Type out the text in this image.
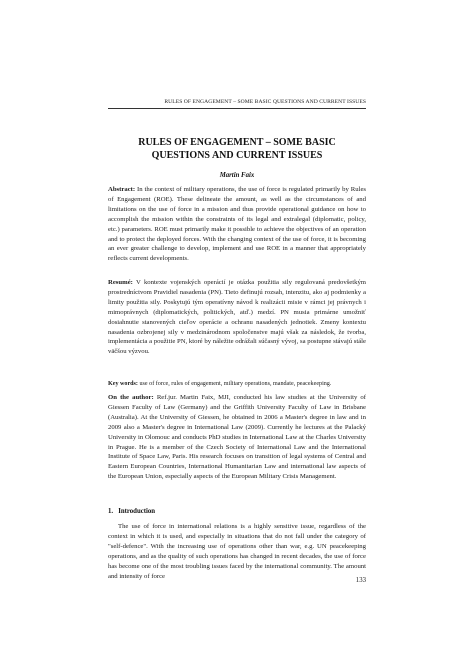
RULES OF ENGAGEMENT – SOME BASIC QUESTIONS AND CURRENT ISSUES
RULES OF ENGAGEMENT – SOME BASIC QUESTIONS AND CURRENT ISSUES
Martin Faix

Abstract: In the context of military operations, the use of force is regulated primarily by Rules of Engagement (ROE). These delineate the amount, as well as the circumstances of and limitations on the use of force in a mission and thus provide operational guidance on how to accomplish the mission within the constraints of its legal and extralegal (diplomatic, policy, etc.) parameters. ROE must primarily make it possible to achieve the objectives of an operation and to protect the deployed forces. With the changing context of the use of force, it is becoming an ever greater challenge to develop, implement and use ROE in a manner that appropriately reflects current developments.

Resumé: V kontexte vojenských operácií je otázka použitia sily regulovaná predovšetkým prostredníctvom Pravidiel nasadenia (PN). Tieto definujú rozsah, intenzitu, ako aj podmienky a limity použitia sily. Poskytujú tým operatívny návod k realizácii misie v rámci jej právnych i mimoprávnych (diplomatických, politických, atď.) medzí. PN musia primárne umožniť dosiahnutie stanovených cieľov operácie a ochranu nasadených jednotiek. Zmeny kontextu nasadenia ozbrojenej sily v medzinárodnom spoločenstve majú však za následok, že tvorba, implementácia a použitie PN, ktoré by náležite odrážali súčasný vývoj, sa postupne stávajú stále väčšou výzvou.

Key words: use of force, rules of engagement, military operations, mandate, peacekeeping.

On the author: Ref.jur. Martin Faix, MJI, conducted his law studies at the University of Giessen Faculty of Law (Germany) and the Griffith University Faculty of Law in Brisbane (Australia). At the University of Giessen, he obtained in 2006 a Master's degree in law and in 2009 also a Master's degree in International Law (2009). Currently he lectures at the Palacký University in Olomouc and conducts PhD studies in International Law at the Charles University in Prague. He is a member of the Czech Society of International Law and the International Institute of Space Law, Paris. His research focuses on transition of legal systems of Central and Eastern European Countries, International Humanitarian Law and international law aspects of the European Union, especially aspects of the European Military Crisis Management.

1.   Introduction

The use of force in international relations is a highly sensitive issue, regardless of the context in which it is used, and especially in situations that do not fall under the category of "self-defence". With the increasing use of operations other than war, e.g. UN peacekeeping operations, and as the quality of such operations has changed in recent decades, the use of force has become one of the most troubling issues faced by the international community. The amount and intensity of force

133
